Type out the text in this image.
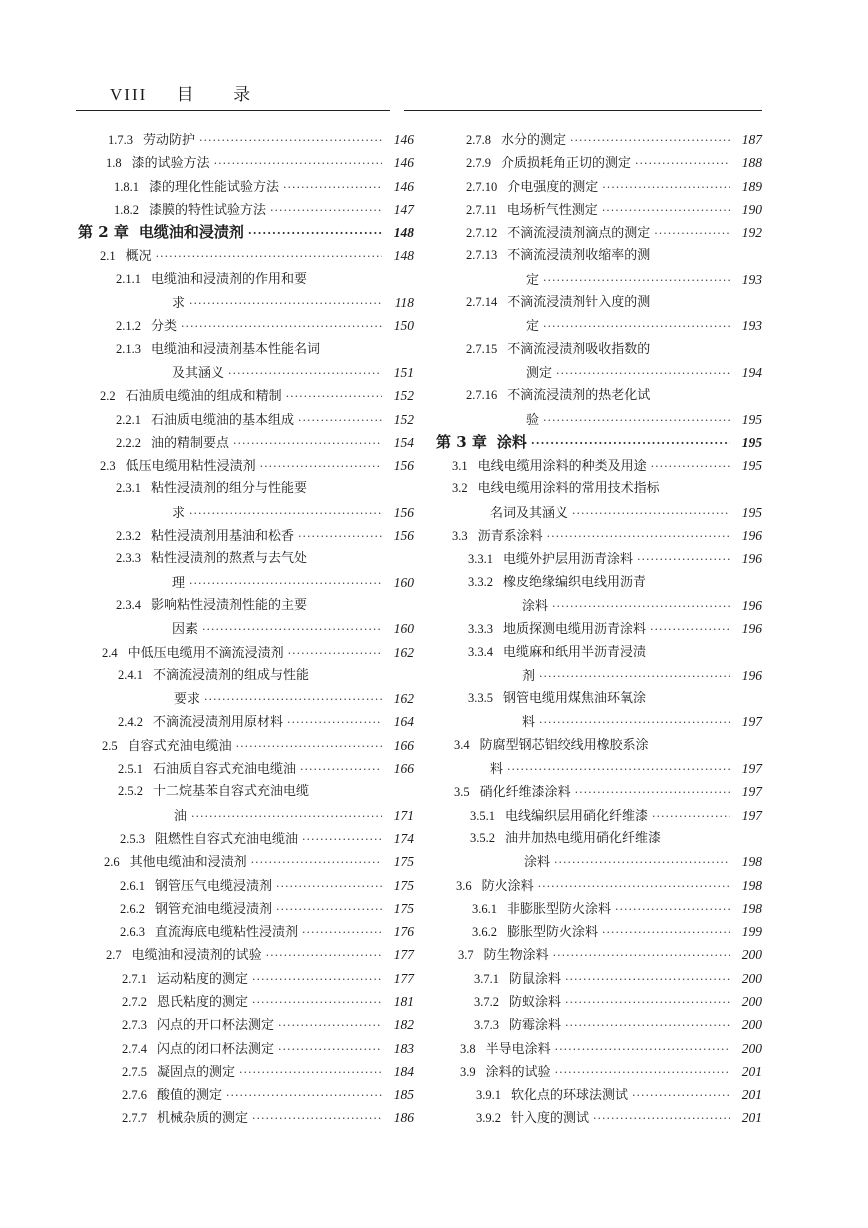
VIII 目 录
1.7.3 劳动防护 ·····	146
1.8 漆的试验方法 ·····	146
1.8.1 漆的理化性能试验方法 ·····	146
1.8.2 漆膜的特性试验方法 ·····	147
第 2 章 电缆油和浸渍剂 ·····	148
2.1 概况 ·····	148
2.1.1 电缆油和浸渍剂的作用和要
求 ·····	118
2.1.2 分类 ·····	150
2.1.3 电缆油和浸渍剂基本性能名词
及其涵义 ·····	151
2.2 石油质电缆油的组成和精制 ·····	152
2.2.1 石油质电缆油的基本组成 ·····	152
2.2.2 油的精制要点 ·····	154
2.3 低压电缆用粘性浸渍剂 ·····	156
2.3.1 粘性浸渍剂的组分与性能要
求 ·····	156
2.3.2 粘性浸渍剂用基油和松香 ·····	156
2.3.3 粘性浸渍剂的熬煮与去气处
理 ·····	160
2.3.4 影响粘性浸渍剂性能的主要
因素 ·····	160
2.4 中低压电缆用不滴流浸渍剂 ·····	162
2.4.1 不滴流浸渍剂的组成与性能
要求 ·····	162
2.4.2 不滴流浸渍剂用原材料 ·····	164
2.5 自容式充油电缆油 ·····	166
2.5.1 石油质自容式充油电缆油 ·····	166
2.5.2 十二烷基苯自容式充油电缆
油 ·····	171
2.5.3 阻燃性自容式充油电缆油 ·····	174
2.6 其他电缆油和浸渍剂 ·····	175
2.6.1 钢管压气电缆浸渍剂 ·····	175
2.6.2 钢管充油电缆浸渍剂 ·····	175
2.6.3 直流海底电缆粘性浸渍剂 ·····	176
2.7 电缆油和浸渍剂的试验 ·····	177
2.7.1 运动粘度的测定 ·····	177
2.7.2 恩氏粘度的测定 ·····	181
2.7.3 闪点的开口杯法测定 ·····	182
2.7.4 闪点的闭口杯法测定 ·····	183
2.7.5 凝固点的测定 ·····	184
2.7.6 酸值的测定 ·····	185
2.7.7 机械杂质的测定 ·····	186
2.7.8 水分的测定 ·····	187
2.7.9 介质损耗角正切的测定 ·····	188
2.7.10 介电强度的测定 ·····	189
2.7.11 电场析气性测定 ·····	190
2.7.12 不滴流浸渍剂滴点的测定 ·····	192
2.7.13 不滴流浸渍剂收缩率的测
定 ·····	193
2.7.14 不滴流浸渍剂针入度的测
定 ·····	193
2.7.15 不滴流浸渍剂吸收指数的
测定 ·····	194
2.7.16 不滴流浸渍剂的热老化试
验 ·····	195
第 3 章 涂料 ·····	195
3.1 电线电缆用涂料的种类及用途 ·····	195
3.2 电线电缆用涂料的常用技术指标
名词及其涵义 ·····	195
3.3 沥青系涂料 ·····	196
3.3.1 电缆外护层用沥青涂料 ·····	196
3.3.2 橡皮绝缘编织电线用沥青
涂料 ·····	196
3.3.3 地质探测电缆用沥青涂料 ·····	196
3.3.4 电缆麻和纸用半沥青浸渍
剂 ·····	196
3.3.5 钢管电缆用煤焦油环氧涂
料 ·····	197
3.4 防腐型钢芯铝绞线用橡胶系涂
料 ·····	197
3.5 硝化纤维漆涂料 ·····	197
3.5.1 电线编织层用硝化纤维漆 ·····	197
3.5.2 油井加热电缆用硝化纤维漆
涂料 ·····	198
3.6 防火涂料 ·····	198
3.6.1 非膨胀型防火涂料 ·····	198
3.6.2 膨胀型防火涂料 ·····	199
3.7 防生物涂料 ·····	200
3.7.1 防鼠涂料 ·····	200
3.7.2 防蚁涂料 ·····	200
3.7.3 防霉涂料 ·····	200
3.8 半导电涂料 ·····	200
3.9 涂料的试验 ·····	201
3.9.1 软化点的环球法测试 ·····	201
3.9.2 针入度的测试 ·····	201
